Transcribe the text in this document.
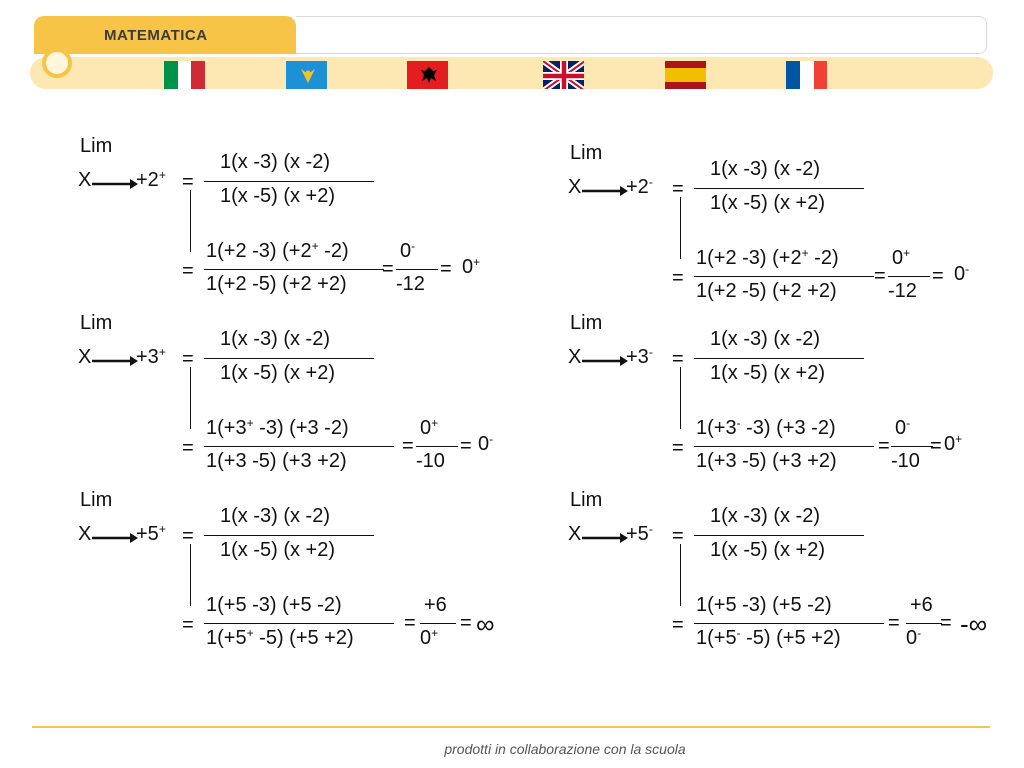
MATEMATICA
Lim
X +2+ =
1(x -3) (x -2)
1(x -5) (x +2)
=
1(+2 -3) (+2+ -2)
1(+2 -5) (+2 +2)
=
0-
-12
= 0+
Lim
X +2- =
1(x -3) (x -2)
1(x -5) (x +2)
=
1(+2 -3) (+2+ -2)
1(+2 -5) (+2 +2)
=
0+
-12
= 0-
Lim
X +3+ =
1(x -3) (x -2)
1(x -5) (x +2)
=
1(+3+ -3) (+3 -2)
1(+3 -5) (+3 +2)
=
0+
-10
= 0-
Lim
X +3- =
1(x -3) (x -2)
1(x -5) (x +2)
=
1(+3- -3) (+3 -2)
1(+3 -5) (+3 +2)
=
0-
-10
= 0+
Lim
X +5+ =
1(x -3) (x -2)
1(x -5) (x +2)
=
1(+5 -3) (+5 -2)
1(+5+ -5) (+5 +2)
=
+6
0+ = ∞
Lim
X +5- =
1(x -3) (x -2)
1(x -5) (x +2)
=
1(+5 -3) (+5 -2)
1(+5- -5) (+5 +2)
=
+6
0- = -∞
prodotti in collaborazione con la scuola
